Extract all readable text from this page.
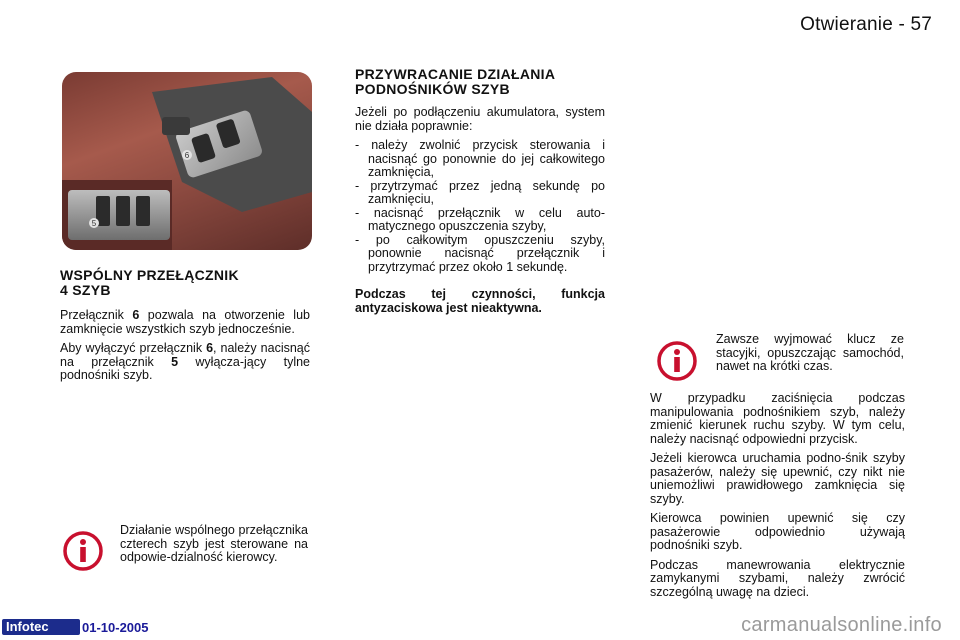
Otwieranie - 57
6
5
WSPÓLNY PRZEŁĄCZNIK
4 SZYB

Przełącznik 6 pozwala na otworzenie lub zamknięcie wszystkich szyb jednocześnie.

Aby wyłączyć przełącznik 6, należy nacisnąć na przełącznik 5 wyłącza-jący tylne podnośniki szyb.

Działanie wspólnego przełącznika czterech szyb jest sterowane na odpowie-dzialność kierowcy.

PRZYWRACANIE DZIAŁANIA
PODNOŚNIKÓW SZYB

Jeżeli po podłączeniu akumulatora, system nie działa poprawnie:

- należy zwolnić przycisk sterowania i nacisnąć go ponownie do jej całkowitego zamknięcia,
- przytrzymać przez jedną sekundę po zamknięciu,
- nacisnąć przełącznik w celu auto-matycznego opuszczenia szyby,
- po całkowitym opuszczeniu szyby, ponownie nacisnąć przełącznik i przytrzymać przez około 1 sekundę.

Podczas tej czynności, funkcja antyzaciskowa jest nieaktywna.

Zawsze wyjmować klucz ze stacyjki, opuszczając samochód, nawet na krótki czas.

W przypadku zaciśnięcia podczas manipulowania podnośnikiem szyb, należy zmienić kierunek ruchu szyby. W tym celu, należy nacisnąć odpowiedni przycisk.

Jeżeli kierowca uruchamia podno-śnik szyby pasażerów, należy się upewnić, czy nikt nie uniemożliwi prawidłowego zamknięcia się szyby.

Kierowca powinien upewnić się czy pasażerowie odpowiednio używają podnośniki szyb.

Podczas manewrowania elektrycznie zamykanymi szybami, należy zwrócić szczególną uwagę na dzieci.

Infotec	01-10-2005	carmanualsonline.info
